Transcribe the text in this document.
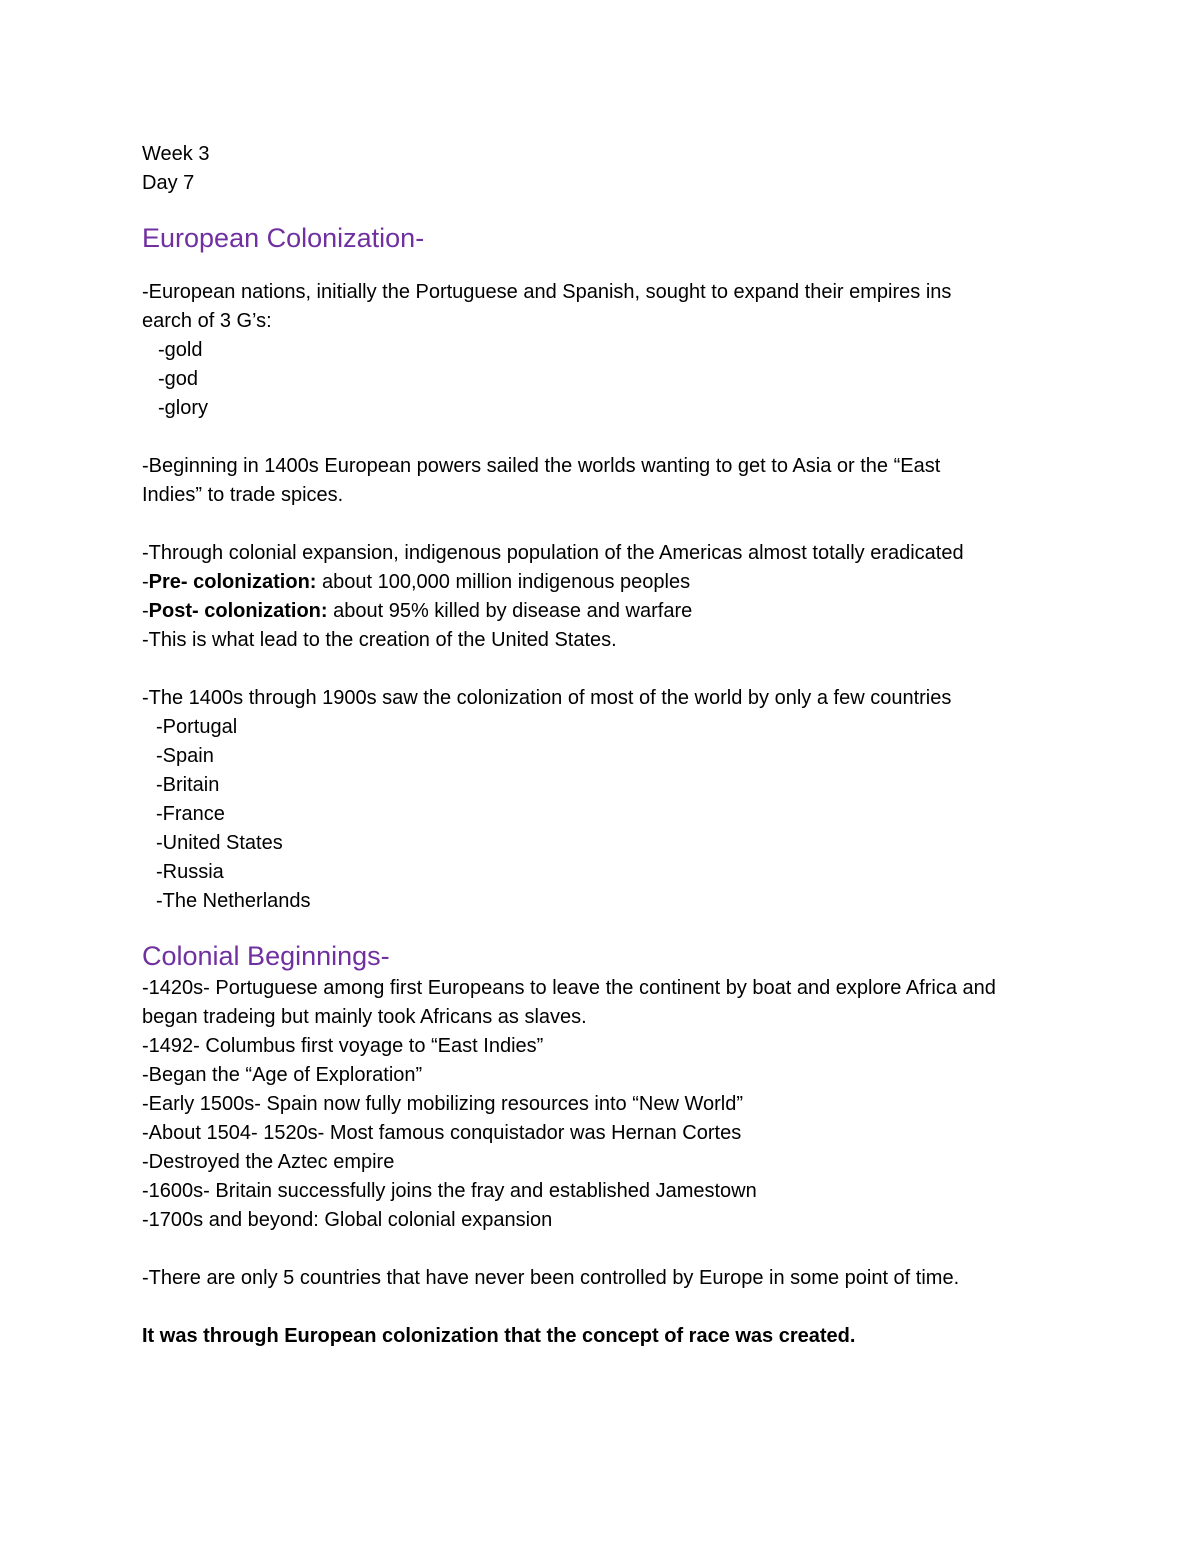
Week 3
Day 7
European Colonization-
-European nations, initially the Portuguese and Spanish, sought to expand their empires ins
earch of 3 G’s:
-gold
-god
-glory
-Beginning in 1400s European powers sailed the worlds wanting to get to Asia or the “East
Indies” to trade spices.
-Through colonial expansion, indigenous population of the Americas almost totally eradicated
-Pre- colonization: about 100,000 million indigenous peoples
-Post- colonization: about 95% killed by disease and warfare
-This is what lead to the creation of the United States.
-The 1400s through 1900s saw the colonization of most of the world by only a few countries
-Portugal
-Spain
-Britain
-France
-United States
-Russia
-The Netherlands
Colonial Beginnings-
-1420s- Portuguese among first Europeans to leave the continent by boat and explore Africa and
began tradeing but mainly took Africans as slaves.
-1492- Columbus first voyage to “East Indies”
-Began the “Age of Exploration”
-Early 1500s- Spain now fully mobilizing resources into “New World”
-About 1504- 1520s- Most famous conquistador was Hernan Cortes
-Destroyed the Aztec empire
-1600s- Britain successfully joins the fray and established Jamestown
-1700s and beyond: Global colonial expansion
-There are only 5 countries that have never been controlled by Europe in some point of time.
It was through European colonization that the concept of race was created.
